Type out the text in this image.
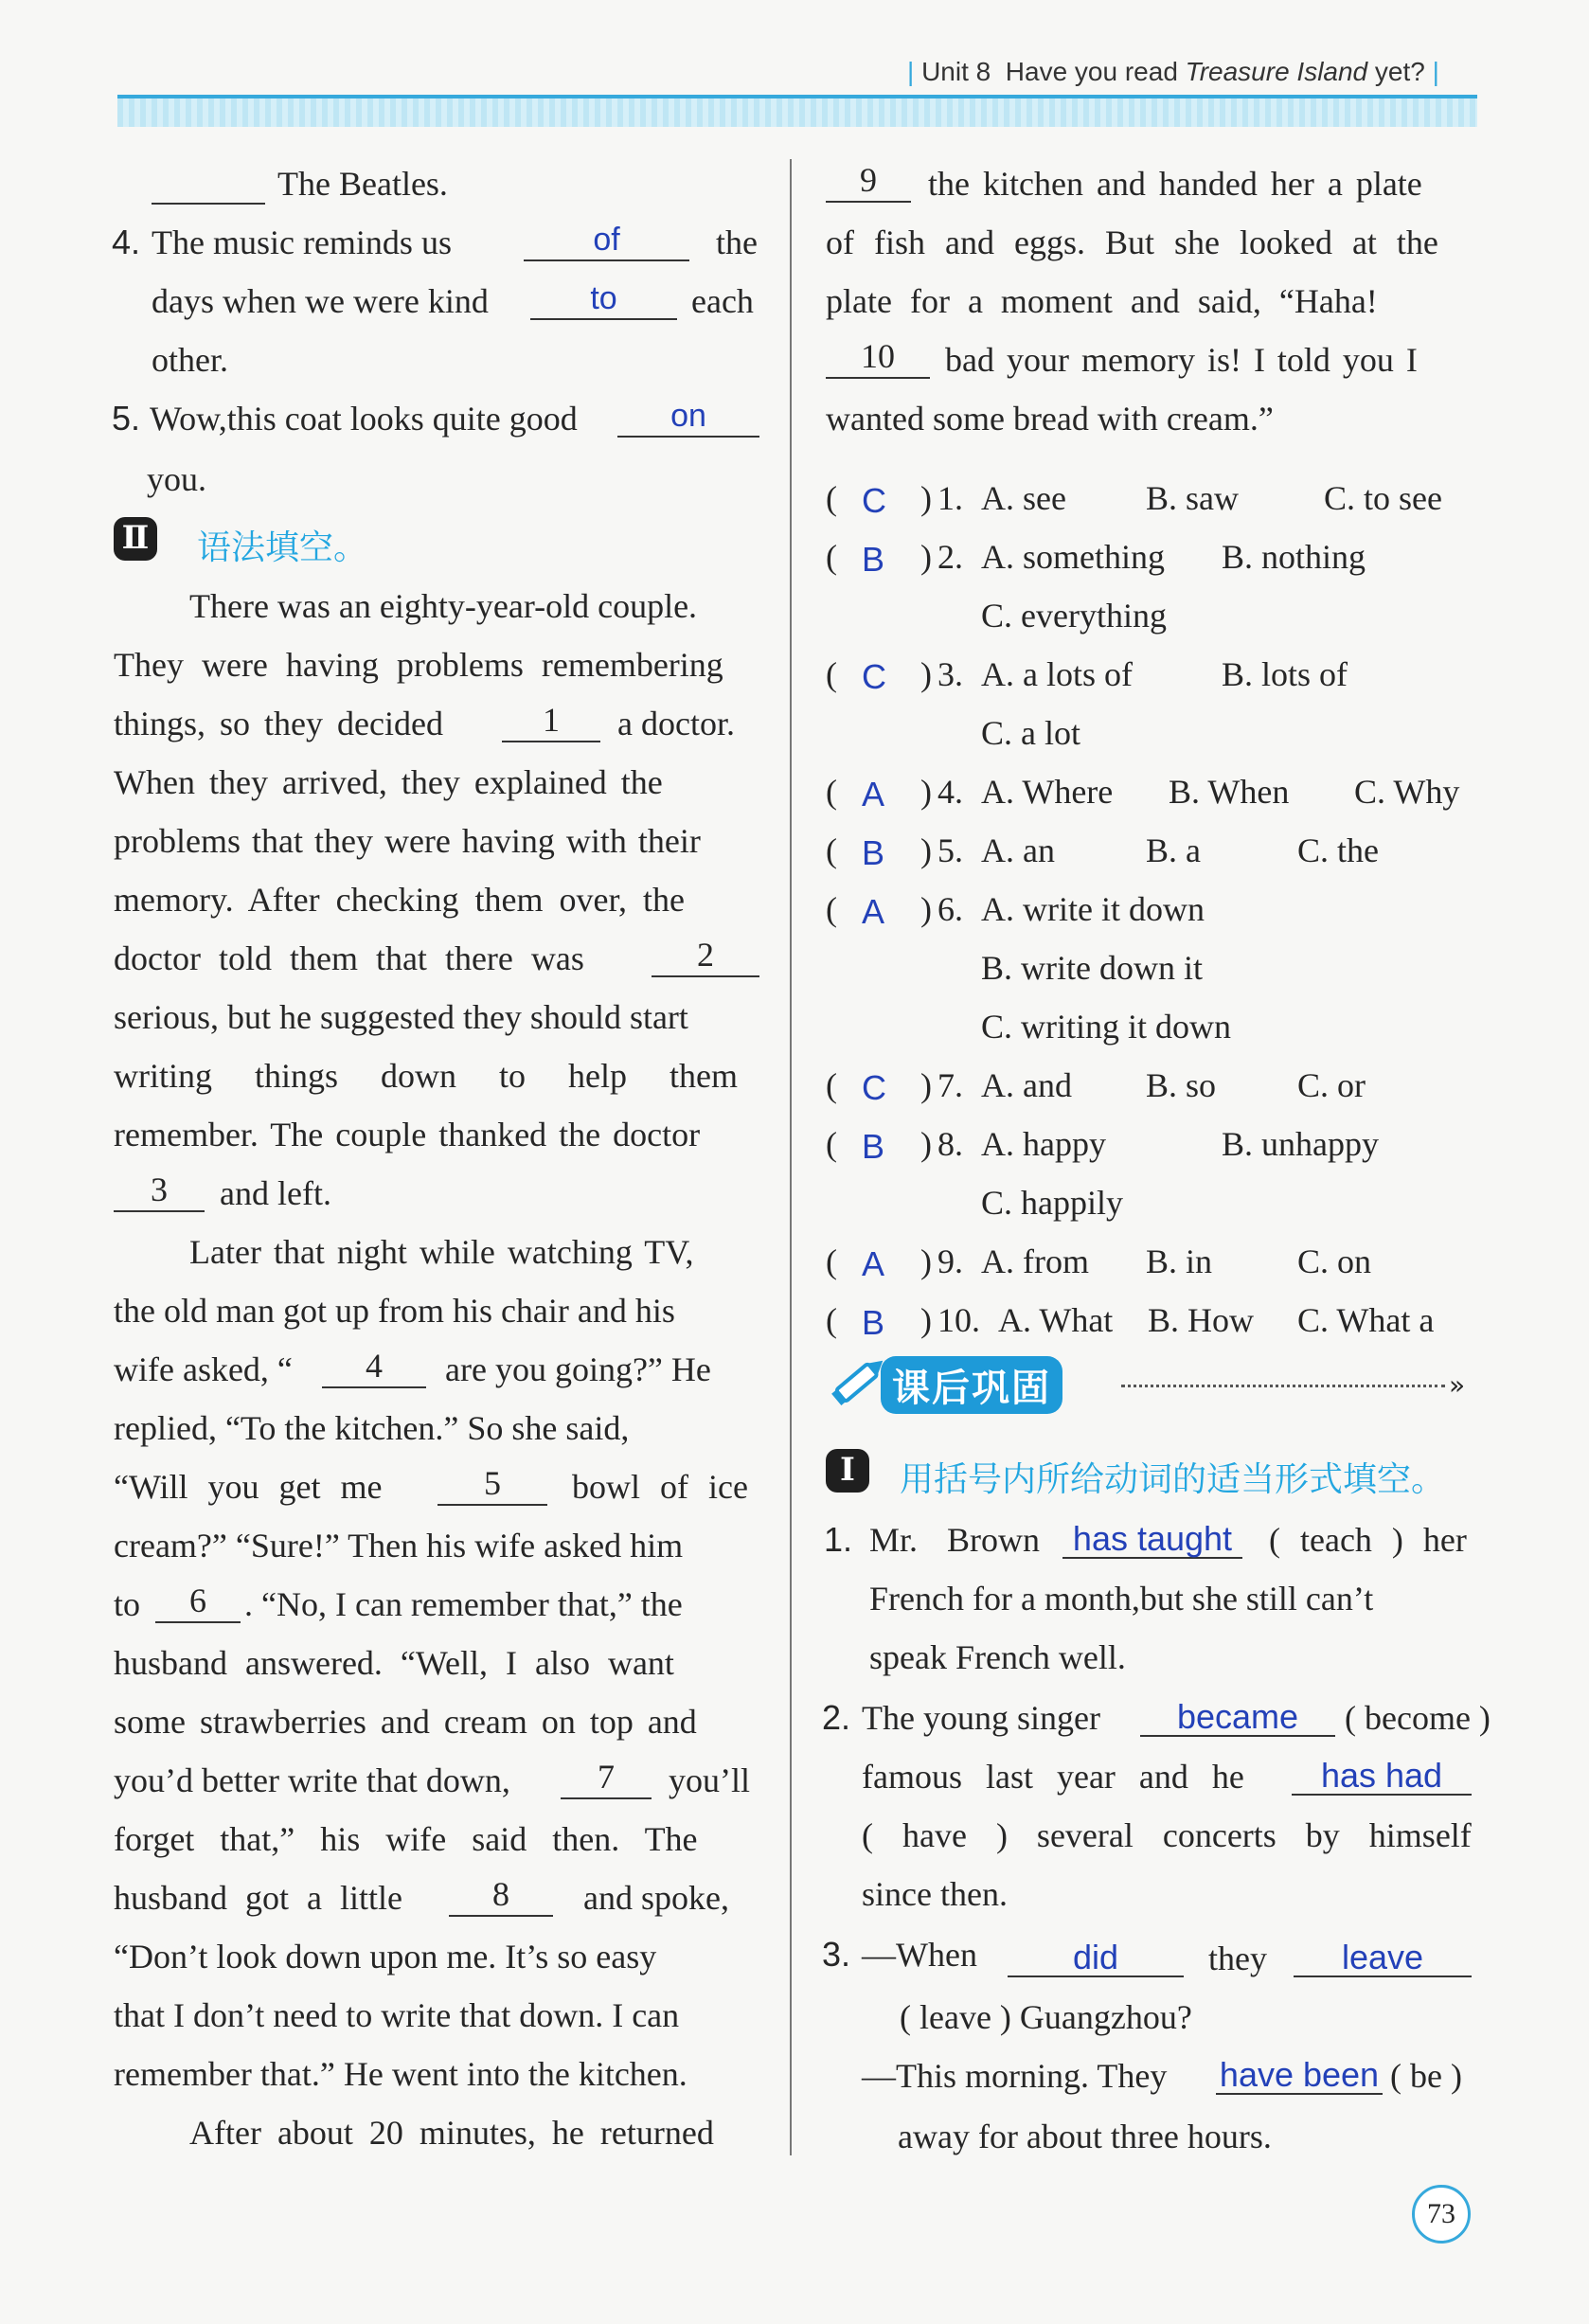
| Unit 8 Have you read Treasure Island yet? |
The Beatles.
4. The music reminds us	of	the
days when we were kind	to	each
other.
5. Wow,this coat looks quite good	on
you.
Ⅱ 语法填空。
There was an eighty-year-old couple.
They were having problems remembering
things, so they decided	1	a doctor.
When they arrived, they explained the
problems that they were having with their
memory. After checking them over, the
doctor told them that there was	2
serious, but he suggested they should start
writing things down to help them
remember. The couple thanked the doctor
3	and left.
Later that night while watching TV,
the old man got up from his chair and his
wife asked, “	4	are you going?” He
replied, “To the kitchen.” So she said,
“Will you get me	5	bowl of ice
cream?” “Sure!” Then his wife asked him
to	6	. “No, I can remember that,” the
husband answered. “Well, I also want
some strawberries and cream on top and
you’d better write that down,	7	you’ll
forget that,” his wife said then. The
husband got a little	8	and spoke,
“Don’t look down upon me. It’s so easy
that I don’t need to write that down. I can
remember that.” He went into the kitchen.
After about 20 minutes, he returned
9	the kitchen and handed her a plate
of fish and eggs. But she looked at the
plate for a moment and said, “Haha!
10	bad your memory is! I told you I
wanted some bread with cream.”
( C ) 1. A. see B. saw	C. to see
( B ) 2. A. something B. nothing
C. everything
( C ) 3. A. a lots of	B. lots of
C. a lot
( A ) 4. A. Where B. When C. Why
( B ) 5. A. an	B. a	C. the
( A ) 6. A. write it down
B. write down it
C. writing it down
( C ) 7. A. and B. so C. or
( B ) 8. A. happy	B. unhappy
C. happily
( A ) 9. A. from B. in C. on
( B ) 10. A. What B. How C. What a
课后巩固	»
Ⅰ	用括号内所给动词的适当形式填空。
1. Mr. Brown has taught	( teach ) her
French for a month,but she still can’t
speak French well.
2. The young singer	became	( become )
famous last year and he	has had
( have ) several concerts by himself
since then.
3. —When	did	they	leave
( leave ) Guangzhou?
—This morning. They have been ( be )
away for about three hours.
73
